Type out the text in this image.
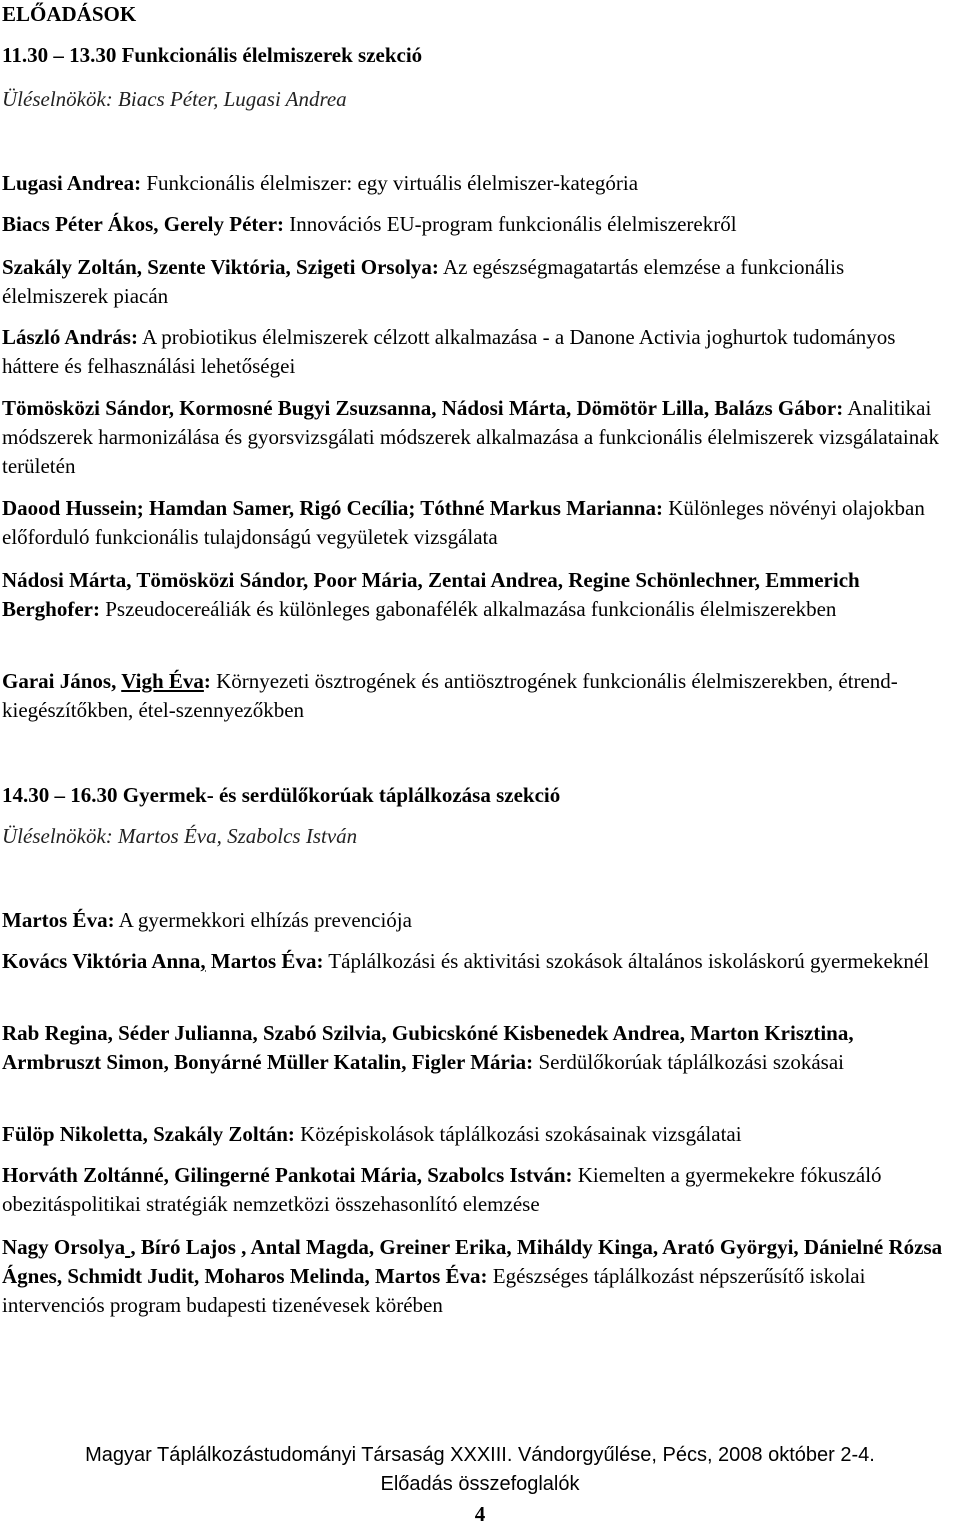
ELŐADÁSOK
11.30 – 13.30 Funkcionális élelmiszerek szekció
Üléselnökök: Biacs Péter, Lugasi Andrea
Lugasi Andrea: Funkcionális élelmiszer: egy virtuális élelmiszer-kategória
Biacs Péter Ákos, Gerely Péter: Innovációs EU-program funkcionális élelmiszerekről
Szakály Zoltán, Szente Viktória, Szigeti Orsolya: Az egészségmagatartás elemzése a funkcionális élelmiszerek piacán
László András: A probiotikus élelmiszerek célzott alkalmazása - a Danone Activia joghurtok tudományos háttere és felhasználási lehetőségei
Tömösközi Sándor, Kormosné Bugyi Zsuzsanna, Nádosi Márta, Dömötör Lilla, Balázs Gábor: Analitikai módszerek harmonizálása és gyorsvizsgálati módszerek alkalmazása a funkcionális élelmiszerek vizsgálatainak területén
Daood Hussein; Hamdan Samer, Rigó Cecília; Tóthné Markus Marianna: Különleges növényi olajokban előforduló funkcionális tulajdonságú vegyületek vizsgálata
Nádosi Márta, Tömösközi Sándor, Poor Mária, Zentai Andrea, Regine Schönlechner, Emmerich Berghofer: Pszeudocereáliák és különleges gabonafélék alkalmazása funkcionális élelmiszerekben
Garai János, Vigh Éva: Környezeti ösztrogének és antiösztrogének funkcionális élelmiszerekben, étrend-kiegészítőkben, étel-szennyezőkben
14.30 – 16.30 Gyermek- és serdülőkorúak táplálkozása szekció
Üléselnökök: Martos Éva, Szabolcs István
Martos Éva: A gyermekkori elhízás prevenciója
Kovács Viktória Anna, Martos Éva: Táplálkozási és aktivitási szokások általános iskoláskorú gyermekeknél
Rab Regina, Séder Julianna, Szabó Szilvia, Gubicskóné Kisbenedek Andrea, Marton Krisztina, Armbruszt Simon, Bonyárné Müller Katalin, Figler Mária: Serdülőkorúak táplálkozási szokásai
Fülöp Nikoletta, Szakály Zoltán: Középiskolások táplálkozási szokásainak vizsgálatai
Horváth Zoltánné, Gilingerné Pankotai Mária, Szabolcs István: Kiemelten a gyermekekre fókuszáló obezitáspolitikai stratégiák nemzetközi összehasonlító elemzése
Nagy Orsolya , Bíró Lajos , Antal Magda, Greiner Erika, Miháldy Kinga, Arató Györgyi, Dánielné Rózsa Ágnes, Schmidt Judit, Moharos Melinda, Martos Éva: Egészséges táplálkozást népszerűsítő iskolai intervenciós program budapesti tizenévesek körében
Magyar Táplálkozástudományi Társaság XXXIII. Vándorgyűlése, Pécs, 2008 október 2-4.
Előadás összefoglalók
4
